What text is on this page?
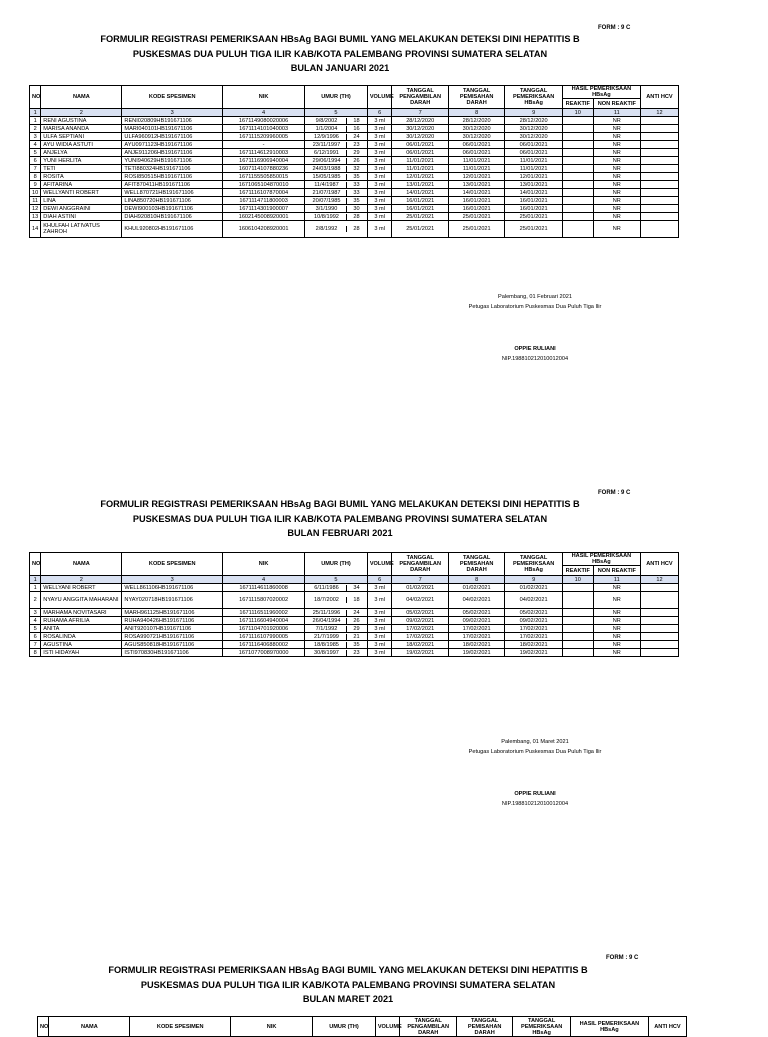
FORM : 9 C
FORMULIR REGISTRASI PEMERIKSAAN HBsAg BAGI BUMIL YANG MELAKUKAN DETEKSI DINI HEPATITIS B
PUSKESMAS DUA PULUH TIGA ILIR KAB/KOTA PALEMBANG PROVINSI SUMATERA SELATAN
BULAN JANUARI 2021
NO	NAMA	KODE SPESIMEN	NIK	UMUR (TH)	VOLUME	TANGGAL PENGAMBILAN DARAH	TANGGAL PEMISAHAN DARAH	TANGGAL PEMERIKSAAN HBsAg	HASIL PEMERIKSAAN HBsAg		ANTI HCV
									REAKTIF	NON REAKTIF	
1	2	3	4	5	6	7	8	9	10	11	12
1	RENI AGUSTINA	RENI020809HB191671106	1671149080020006	9/8/2002 18	3 ml	28/12/2020	28/12/2020	28/12/2020		NR	
2	MARISA ANANDA	MARI040101HB191671106	1671114101040003	1/1/2004 16	3 ml	30/12/2020	30/12/2020	30/12/2020		NR	
3	ULFA SEPTIANI	ULFA960912HB191671106	1671115209960005	12/9/1996 24	3 ml	30/12/2020	30/12/2020	30/12/2020		NR	
4	AYU WIDIA ASTUTI	AYU0971123HB191671106	-	23/11/1997 23	3 ml	06/01/2021	06/01/2021	06/01/2021		NR	
5	ANJELYA	ANJE911206HB191671106	1671114612910003	6/12/1991 29	3 ml	06/01/2021	06/01/2021	06/01/2021		NR	
6	YUNI HERLITA	YUNI940629HB191671106	1671116906940004	29/06/1994 26	3 ml	11/01/2021	11/01/2021	11/01/2021		NR	
7	TETI	TETI880324HB191671106	1607114107880236	24/03/1988 32	3 ml	11/01/2021	11/01/2021	11/01/2021		NR	
8	ROSITA	ROSI850515HB191671106	1671155505850015	15/05/1985 35	3 ml	12/01/2021	12/01/2021	12/01/2021		NR	
9	AFITARINA	AFIT870411HB191671106	1671065104870010	11/4/1987 33	3 ml	13/01/2021	13/01/2021	13/01/2021		NR	
10	WELLYANTI ROBERT	WELL870721HB191671106	1671116107870004	21/07/1987 33	3 ml	14/01/2021	14/01/2021	14/01/2021		NR	
11	LINA	LINA850720HB191671106	1671114711800003	20/07/1985 35	3 ml	16/01/2021	16/01/2021	16/01/2021		NR	
12	DEWI ANGGRAINI	DEWI900103HB191671106	1671114301900007	3/1/1990 30	3 ml	16/01/2021	16/01/2021	16/01/2021		NR	
13	DIAH ASTINI	DIAH920810HB191671106	1602145008920001	10/8/1992 28	3 ml	25/01/2021	25/01/2021	25/01/2021		NR	
14	KHULFAH LATIVATUS ZAHROH	KHUL920802HB191671106	1606104208920001	2/8/1992 28	3 ml	25/01/2021	25/01/2021	25/01/2021		NR	
Palembang, 01 Februari 2021
Petugas Laboratorium Puskesmas Dua Puluh Tiga Ilir
OPPIE RULIANI
NIP.198810212010012004
FORM : 9 C
FORMULIR REGISTRASI PEMERIKSAAN HBsAg BAGI BUMIL YANG MELAKUKAN DETEKSI DINI HEPATITIS B
PUSKESMAS DUA PULUH TIGA ILIR KAB/KOTA PALEMBANG PROVINSI SUMATERA SELATAN
BULAN FEBRUARI 2021
NO	NAMA	KODE SPESIMEN	NIK	UMUR (TH)	VOLUME	TANGGAL PENGAMBILAN DARAH	TANGGAL PEMISAHAN DARAH	TANGGAL PEMERIKSAAN HBsAg	HASIL PEMERIKSAAN HBsAg		ANTI HCV
									REAKTIF	NON REAKTIF	
1	2	3	4	5	6	7	8	9	10	11	12
1	WELLYANI ROBERT	WELL861106HB191671106	1671114611860008	6/11/1986 34	3 ml	01/02/2021	01/02/2021	01/02/2021		NR	
2	NYAYU ANGGITA MAHARANI	NYAY020718HB191671106	1671115807020002	18/7/2002 18	3 ml	04/02/2021	04/02/2021	04/02/2021		NR	
3	MARHAMA NOVITASARI	MARH961125HB191671106	1671116511960002	25/11/1996 24	3 ml	05/02/2021	05/02/2021	05/02/2021		NR	
4	RUHAMA AFRILIA	RUHA940426HB191671106	1671116604940004	26/04/1994 26	3 ml	09/02/2021	09/02/2021	09/02/2021		NR	
5	ANITA	ANIT920107HB191671106	1671104701920006	7/1/1992 29	3 ml	17/02/2021	17/02/2021	17/02/2021		NR	
6	ROSALINDA	ROSA990721HB191671106	1671116107990005	21/7/1999 21	3 ml	17/02/2021	17/02/2021	17/02/2021		NR	
7	AGUSTINA	AGUS850818HB191671106	1671116406880002	18/8/1985 35	3 ml	18/02/2021	18/02/2021	18/02/2021		NR	
8	ISTI HIDAYAH	ISTI970830HB191671106	1671077008970000	30/8/1997 23	3 ml	19/02/2021	19/02/2021	19/02/2021		NR	
Palembang, 01 Maret 2021
Petugas Laboratorium Puskesmas Dua Puluh Tiga Ilir
OPPIE RULIANI
NIP.198810212010012004
FORM : 9 C
FORMULIR REGISTRASI PEMERIKSAAN HBsAg BAGI BUMIL YANG MELAKUKAN DETEKSI DINI HEPATITIS B
PUSKESMAS DUA PULUH TIGA ILIR KAB/KOTA PALEMBANG PROVINSI SUMATERA SELATAN
BULAN MARET 2021
NO	NAMA	KODE SPESIMEN	NIK	UMUR (TH)	VOLUME	TANGGAL PENGAMBILAN DARAH	TANGGAL PEMISAHAN DARAH	TANGGAL PEMERIKSAAN HBsAg	HASIL PEMERIKSAAN HBsAg	ANTI HCV
